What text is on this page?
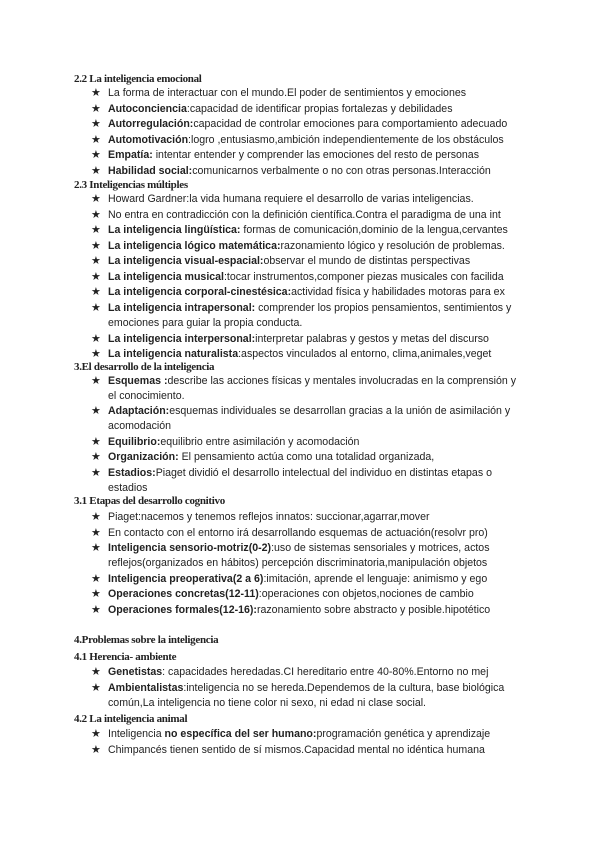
2.2 La inteligencia emocional
★ La forma de interactuar con el mundo.El poder de sentimientos y emociones
★ Autoconciencia:capacidad de identificar propias fortalezas y debilidades
★ Autorregulación:capacidad de controlar emociones para comportamiento adecuado
★ Automotivación:logro ,entusiasmo,ambición independientemente de los obstáculos
★ Empatía: intentar entender y comprender las emociones del resto de personas
★ Habilidad social:comunicarnos verbalmente o no con otras personas.Interacción
2.3 Inteligencias múltiples
★ Howard Gardner:la vida humana requiere el desarrollo de varias inteligencias.
★ No entra en contradicción con la definición científica.Contra el paradigma de una int
★ La inteligencia lingüística: formas de comunicación,dominio de la lengua,cervantes
★ La inteligencia lógico matemática:razonamiento lógico y resolución de problemas.
★ La inteligencia visual-espacial:observar el mundo de distintas perspectivas
★ La inteligencia musical:tocar instrumentos,componer piezas musicales con facilida
★ La inteligencia corporal-cinestésica:actividad física y habilidades motoras para ex
★ La inteligencia intrapersonal: comprender los propios pensamientos, sentimientos y emociones para guiar la propia conducta.
★ La inteligencia interpersonal:interpretar palabras y gestos y metas del discurso
★ La inteligencia naturalista:aspectos vinculados al entorno, clima,animales,veget
3.El desarrollo de la inteligencia
★ Esquemas :describe las acciones físicas y mentales involucradas en la comprensión y el conocimiento.
★ Adaptación:esquemas individuales se desarrollan gracias a la unión de asimilación y acomodación
★ Equilibrio:equilibrio entre asimilación y acomodación
★ Organización: El pensamiento actúa como una totalidad organizada,
★ Estadios:Piaget dividió el desarrollo intelectual del individuo en distintas etapas o estadios
3.1 Etapas del desarrollo cognitivo
★ Piaget:nacemos y tenemos reflejos innatos: succionar,agarrar,mover
★ En contacto con el entorno irá desarrollando esquemas de actuación(resolvr pro)
★ Inteligencia sensorio-motriz(0-2):uso de sistemas sensoriales y motrices, actos reflejos(organizados en hábitos) percepción discriminatoria,manipulación objetos
★ Inteligencia preoperativa(2 a 6):imitación, aprende el lenguaje: animismo y ego
★ Operaciones concretas(12-11):operaciones con objetos,nociones de cambio
★ Operaciones formales(12-16):razonamiento sobre abstracto y posible.hipotético
4.Problemas sobre la inteligencia
4.1 Herencia- ambiente
★ Genetistas: capacidades heredadas.CI hereditario entre 40-80%.Entorno no mej
★ Ambientalistas:inteligencia no se hereda.Dependemos de la cultura, base biológica común,La inteligencia no tiene color ni sexo, ni edad ni clase social.
4.2 La inteligencia animal
★ Inteligencia no específica del ser humano:programación genética y aprendizaje
★ Chimpancés tienen sentido de sí mismos.Capacidad mental no idéntica humana
